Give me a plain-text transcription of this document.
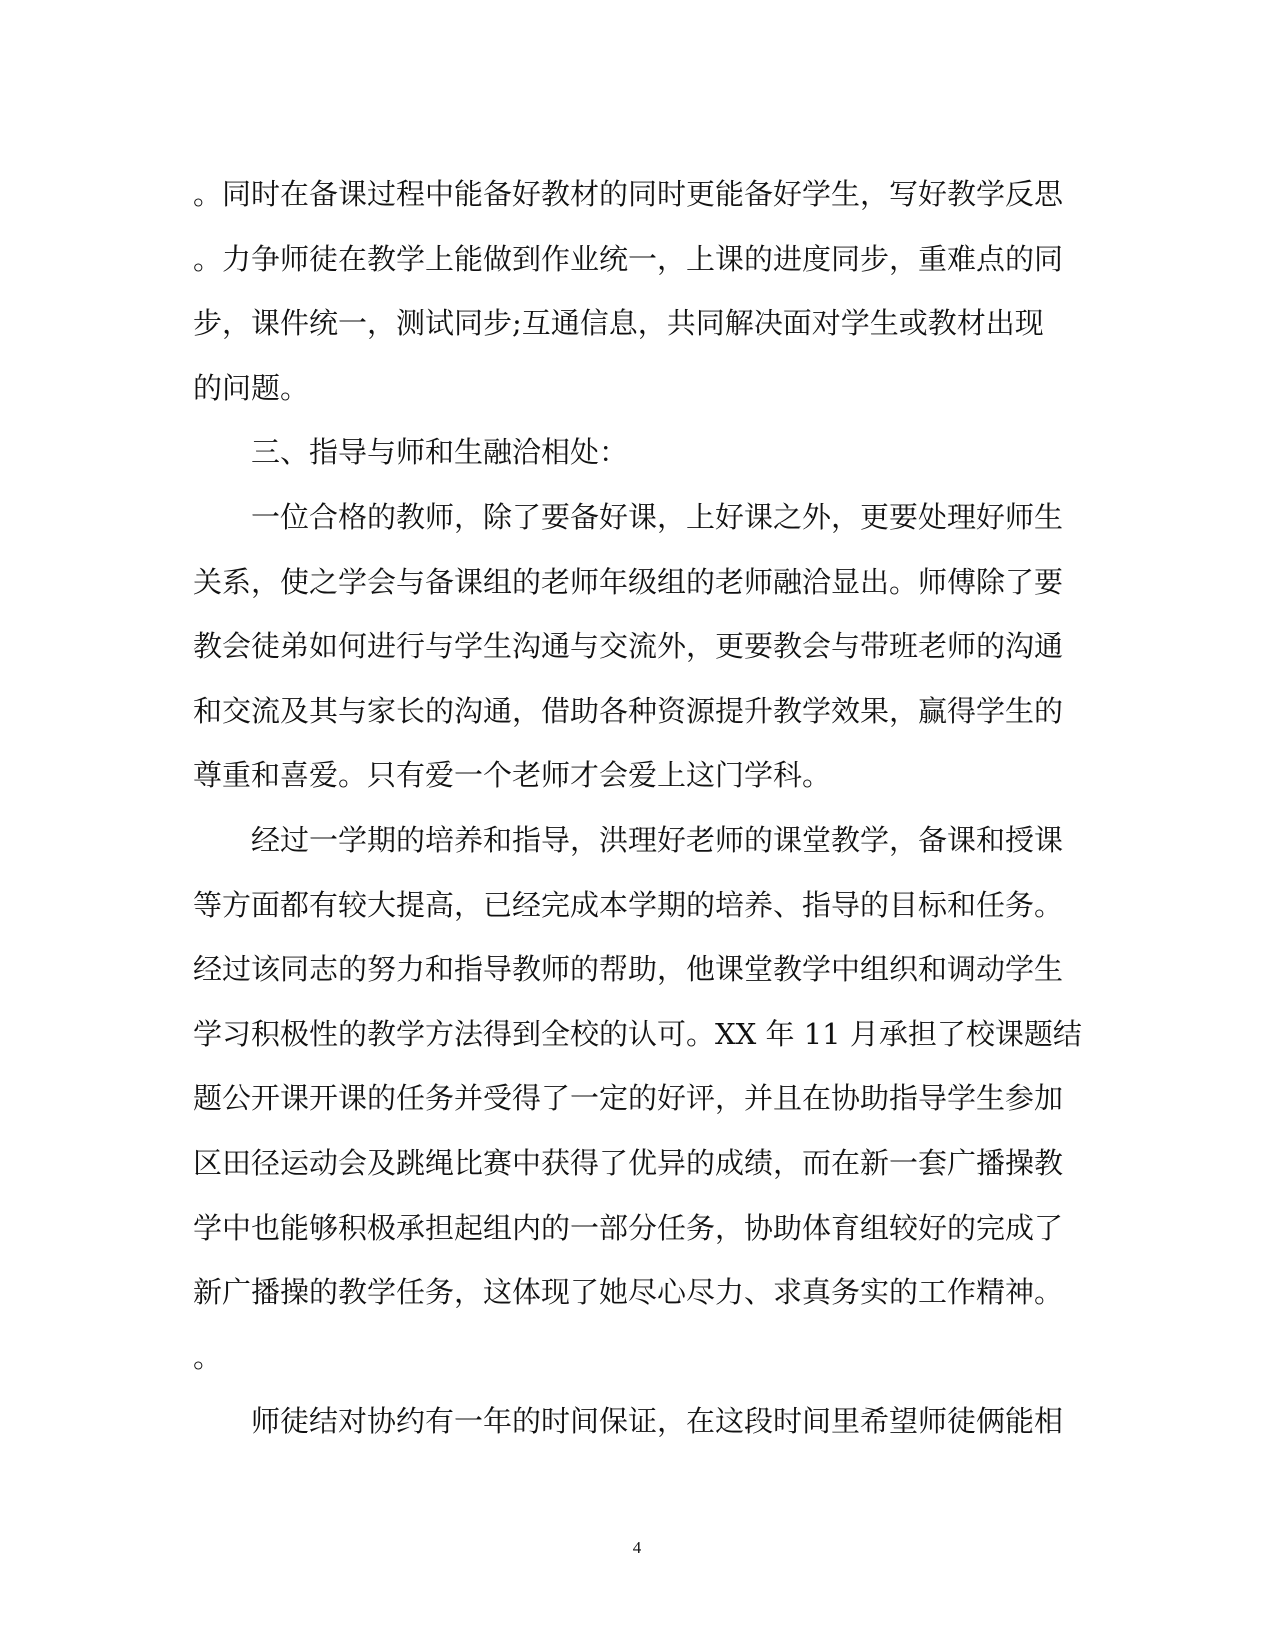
。同时在备课过程中能备好教材的同时更能备好学生，写好教学反思
。力争师徒在教学上能做到作业统一，上课的进度同步，重难点的同
步，课件统一，测试同步;互通信息，共同解决面对学生或教材出现
的问题。
三、指导与师和生融洽相处：
一位合格的教师，除了要备好课，上好课之外，更要处理好师生
关系，使之学会与备课组的老师年级组的老师融洽显出。师傅除了要
教会徒弟如何进行与学生沟通与交流外，更要教会与带班老师的沟通
和交流及其与家长的沟通，借助各种资源提升教学效果，赢得学生的
尊重和喜爱。只有爱一个老师才会爱上这门学科。
经过一学期的培养和指导，洪理好老师的课堂教学，备课和授课
等方面都有较大提高，已经完成本学期的培养、指导的目标和任务。
经过该同志的努力和指导教师的帮助，他课堂教学中组织和调动学生
学习积极性的教学方法得到全校的认可。XX 年 11 月承担了校课题结
题公开课开课的任务并受得了一定的好评，并且在协助指导学生参加
区田径运动会及跳绳比赛中获得了优异的成绩，而在新一套广播操教
学中也能够积极承担起组内的一部分任务，协助体育组较好的完成了
新广播操的教学任务，这体现了她尽心尽力、求真务实的工作精神。
。
师徒结对协约有一年的时间保证，在这段时间里希望师徒俩能相
4
